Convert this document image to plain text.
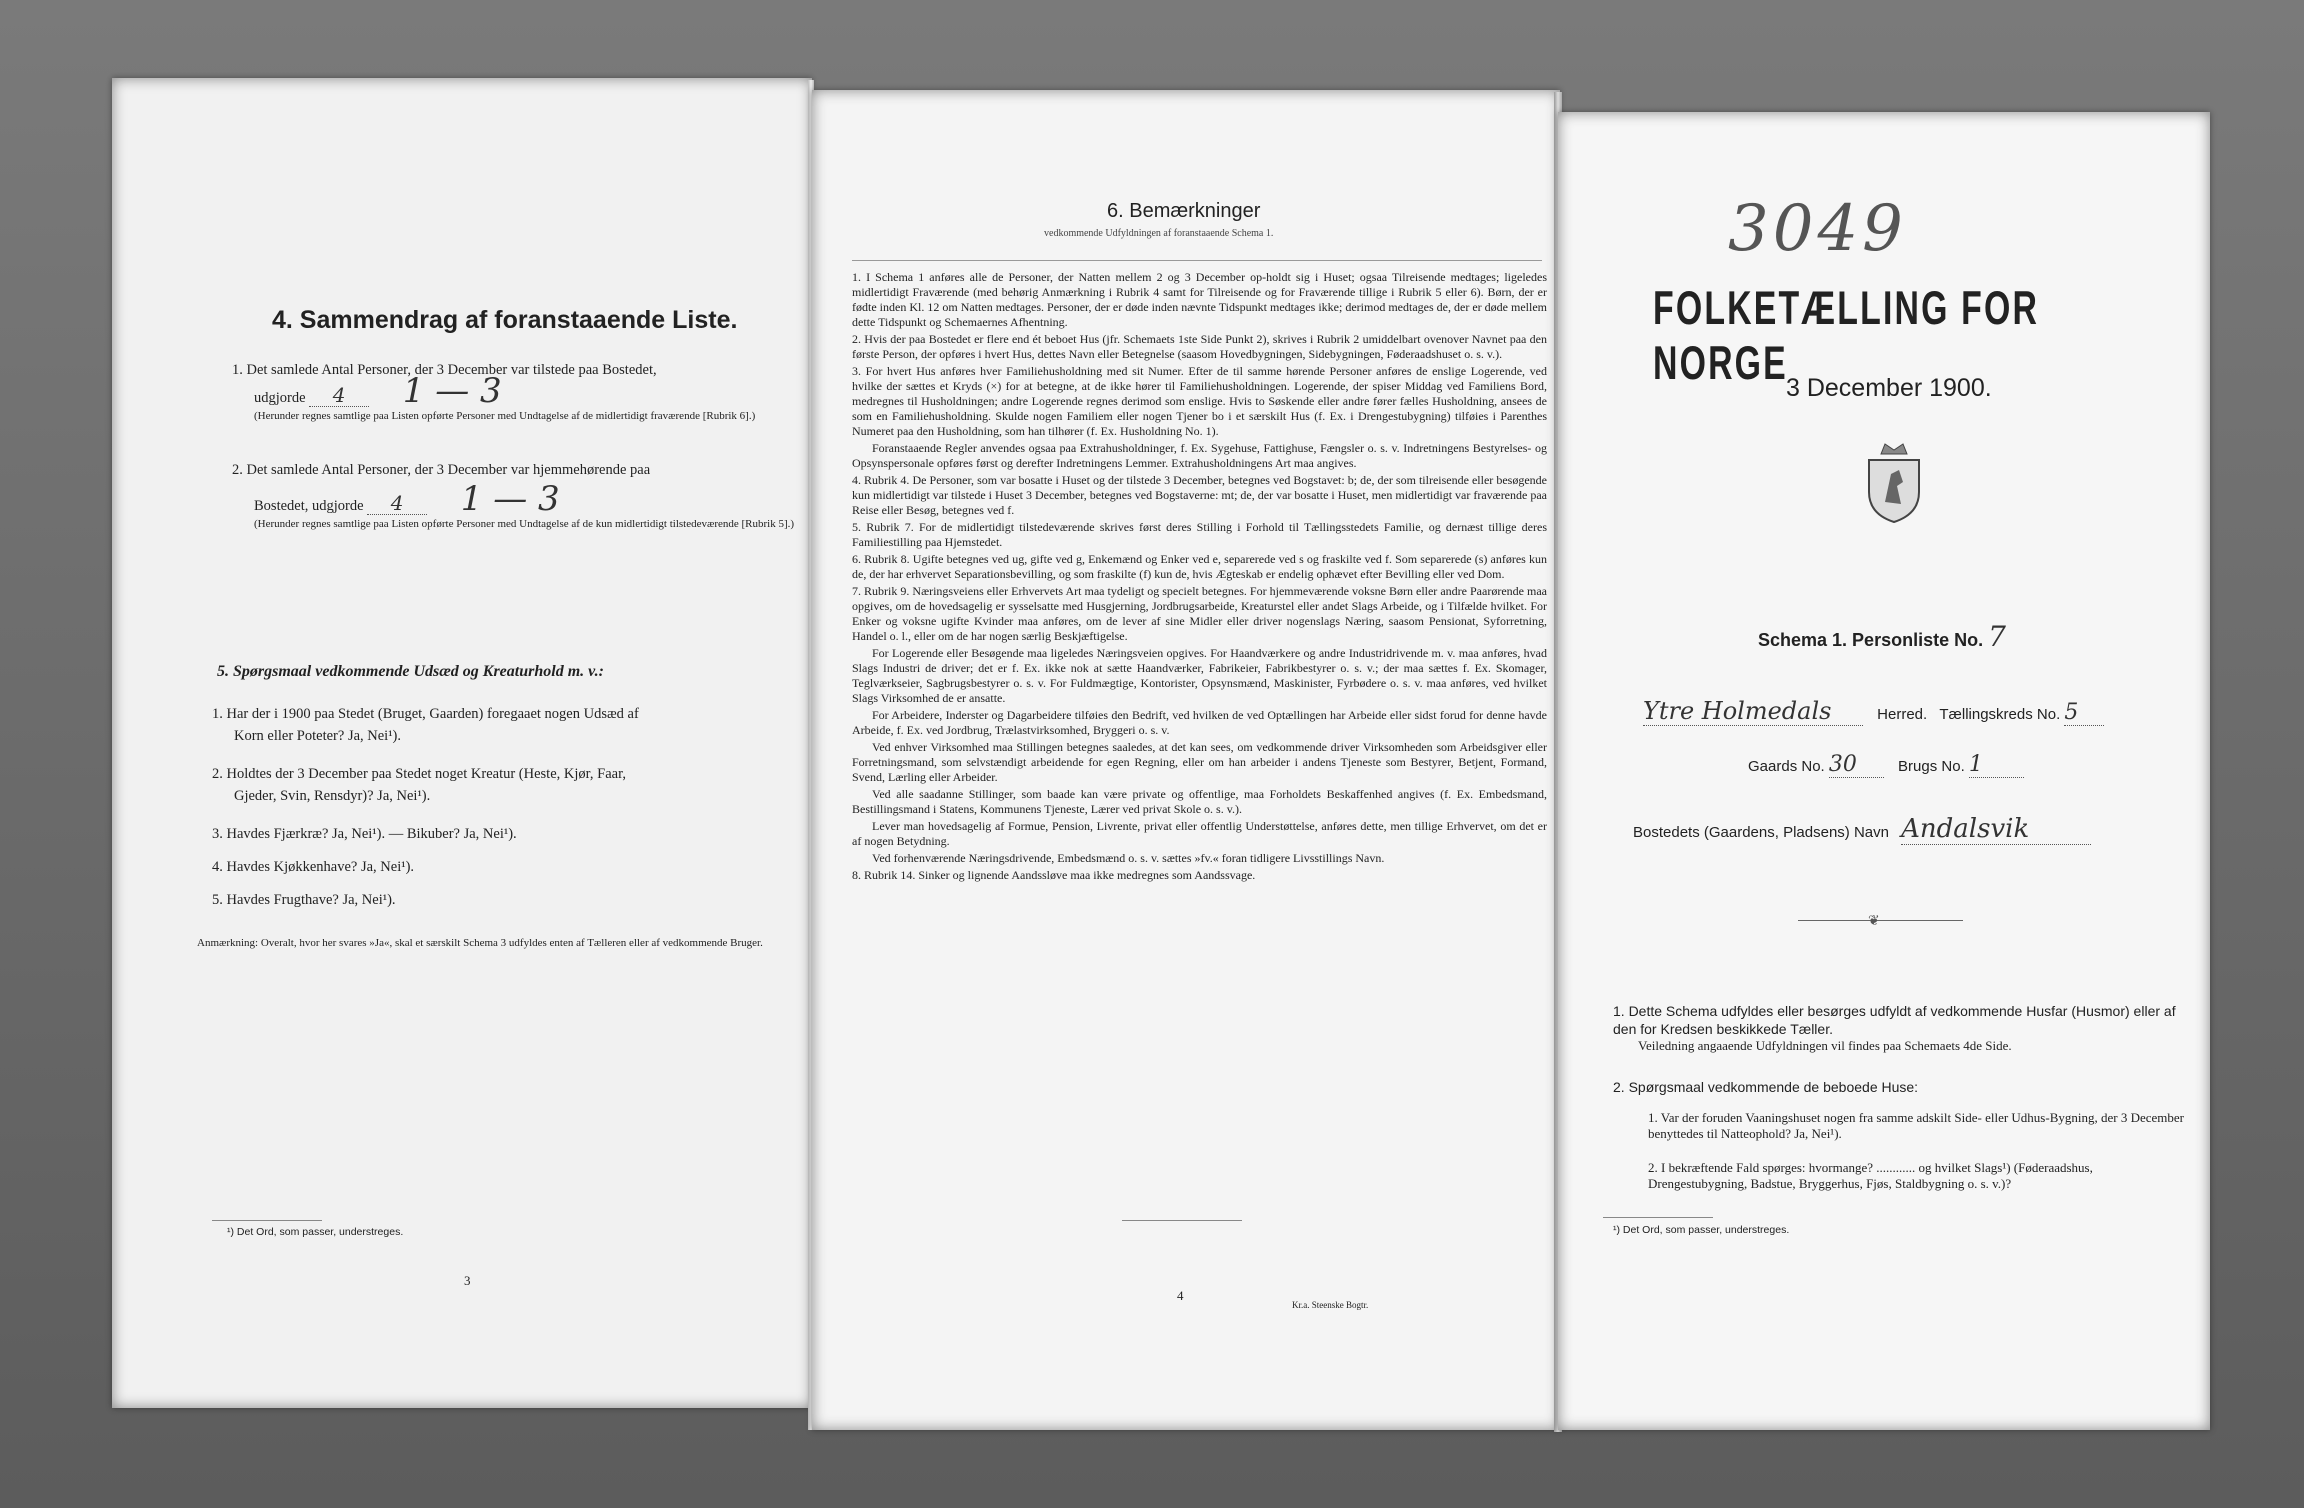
4. Sammendrag af foranstaaende Liste.
1. Det samlede Antal Personer, der 3 December var tilstede paa Bostedet,
udgjorde 4 1 — 3
(Herunder regnes samtlige paa Listen opførte Personer med Undtagelse af de midlertidigt fraværende [Rubrik 6].)
2. Det samlede Antal Personer, der 3 December var hjemmehørende paa
Bostedet, udgjorde 4 1 — 3
(Herunder regnes samtlige paa Listen opførte Personer med Undtagelse af de kun midlertidigt tilstedeværende [Rubrik 5].)
5. Spørgsmaal vedkommende Udsæd og Kreaturhold m. v.:
1. Har der i 1900 paa Stedet (Bruget, Gaarden) foregaaet nogen Udsæd af
Korn eller Poteter? Ja, Nei¹).
2. Holdtes der 3 December paa Stedet noget Kreatur (Heste, Kjør, Faar,
Gjeder, Svin, Rensdyr)? Ja, Nei¹).
3. Havdes Fjærkræ? Ja, Nei¹). — Bikuber? Ja, Nei¹).
4. Havdes Kjøkkenhave? Ja, Nei¹).
5. Havdes Frugthave? Ja, Nei¹).
Anmærkning: Overalt, hvor her svares »Ja«, skal et særskilt Schema 3 udfyldes enten af Tælleren eller af vedkommende Bruger.
¹) Det Ord, som passer, understreges.
3
6. Bemærkninger
vedkommende Udfyldningen af foranstaaende Schema 1.
1. I Schema 1 anføres alle de Personer, der Natten mellem 2 og 3 December op-holdt sig i Huset; ogsaa Tilreisende medtages; ligeledes midlertidigt Fraværende (med behørig Anmærkning i Rubrik 4 samt for Tilreisende og for Fraværende tillige i Rubrik 5 eller 6). Børn, der er fødte inden Kl. 12 om Natten medtages. Personer, der er døde inden nævnte Tidspunkt medtages ikke; derimod medtages de, der er døde mellem dette Tidspunkt og Schemaernes Afhentning.
2. Hvis der paa Bostedet er flere end ét beboet Hus (jfr. Schemaets 1ste Side Punkt 2), skrives i Rubrik 2 umiddelbart ovenover Navnet paa den første Person, der opføres i hvert Hus, dettes Navn eller Betegnelse (saasom Hovedbygningen, Sidebygningen, Føderaadshuset o. s. v.).
3. For hvert Hus anføres hver Familiehusholdning med sit Numer. Efter de til samme hørende Personer anføres de enslige Logerende, ved hvilke der sættes et Kryds (×) for at betegne, at de ikke hører til Familiehusholdningen. Logerende, der spiser Middag ved Familiens Bord, medregnes til Husholdningen; andre Logerende regnes derimod som enslige. Hvis to Søskende eller andre fører fælles Husholdning, ansees de som en Familiehusholdning. Skulde nogen Familiem eller nogen Tjener bo i et særskilt Hus (f. Ex. i Drengestubygning) tilføies i Parenthes Numeret paa den Husholdning, som han tilhører (f. Ex. Husholdning No. 1).
Foranstaaende Regler anvendes ogsaa paa Extrahusholdninger, f. Ex. Sygehuse, Fattighuse, Fængsler o. s. v. Indretningens Bestyrelses- og Opsynspersonale opføres først og derefter Indretningens Lemmer. Extrahusholdningens Art maa angives.
4. Rubrik 4. De Personer, som var bosatte i Huset og der tilstede 3 December, betegnes ved Bogstavet: b; de, der som tilreisende eller besøgende kun midlertidigt var tilstede i Huset 3 December, betegnes ved Bogstaverne: mt; de, der var bosatte i Huset, men midlertidigt var fraværende paa Reise eller Besøg, betegnes ved f.
5. Rubrik 7. For de midlertidigt tilstedeværende skrives først deres Stilling i Forhold til Tællingsstedets Familie, og dernæst tillige deres Familiestilling paa Hjemstedet.
6. Rubrik 8. Ugifte betegnes ved ug, gifte ved g, Enkemænd og Enker ved e, separerede ved s og fraskilte ved f. Som separerede (s) anføres kun de, der har erhvervet Separationsbevilling, og som fraskilte (f) kun de, hvis Ægteskab er endelig ophævet efter Bevilling eller ved Dom.
7. Rubrik 9. Næringsveiens eller Erhvervets Art maa tydeligt og specielt betegnes. For hjemmeværende voksne Børn eller andre Paarørende maa opgives, om de hovedsagelig er sysselsatte med Husgjerning, Jordbrugsarbeide, Kreaturstel eller andet Slags Arbeide, og i Tilfælde hvilket. For Enker og voksne ugifte Kvinder maa anføres, om de lever af sine Midler eller driver nogenslags Næring, saasom Pensionat, Syforretning, Handel o. l., eller om de har nogen særlig Beskjæftigelse.
For Logerende eller Besøgende maa ligeledes Næringsveien opgives. For Haandværkere og andre Industridrivende m. v. maa anføres, hvad Slags Industri de driver; det er f. Ex. ikke nok at sætte Haandværker, Fabrikeier, Fabrikbestyrer o. s. v.; der maa sættes f. Ex. Skomager, Teglværkseier, Sagbrugsbestyrer o. s. v. For Fuldmægtige, Kontorister, Opsynsmænd, Maskinister, Fyrbødere o. s. v. maa anføres, ved hvilket Slags Virksomhed de er ansatte.
For Arbeidere, Inderster og Dagarbeidere tilføies den Bedrift, ved hvilken de ved Optællingen har Arbeide eller sidst forud for denne havde Arbeide, f. Ex. ved Jordbrug, Trælastvirksomhed, Bryggeri o. s. v.
Ved enhver Virksomhed maa Stillingen betegnes saaledes, at det kan sees, om vedkommende driver Virksomheden som Arbeidsgiver eller Forretningsmand, som selvstændigt arbeidende for egen Regning, eller om han arbeider i andens Tjeneste som Bestyrer, Betjent, Formand, Svend, Lærling eller Arbeider.
Ved alle saadanne Stillinger, som baade kan være private og offentlige, maa Forholdets Beskaffenhed angives (f. Ex. Embedsmand, Bestillingsmand i Statens, Kommunens Tjeneste, Lærer ved privat Skole o. s. v.).
Lever man hovedsagelig af Formue, Pension, Livrente, privat eller offentlig Understøttelse, anføres dette, men tillige Erhvervet, om det er af nogen Betydning.
Ved forhenværende Næringsdrivende, Embedsmænd o. s. v. sættes »fv.« foran tidligere Livsstillings Navn.
8. Rubrik 14. Sinker og lignende Aandssløve maa ikke medregnes som Aandssvage.
4
Kr.a. Steenske Bogtr.
3049
FOLKETÆLLING FOR NORGE
3 December 1900.
Schema 1. Personliste No. 7
Ytre Holmedals	Herred. Tællingskreds No. 5
Gaards No. 30	Brugs No. 1
Bostedets (Gaardens, Pladsens) Navn Andalsvik
❦
1. Dette Schema udfyldes eller besørges udfyldt af vedkommende Husfar (Husmor) eller af den for Kredsen beskikkede Tæller.
Veiledning angaaende Udfyldningen vil findes paa Schemaets 4de Side.
2. Spørgsmaal vedkommende de beboede Huse:
1. Var der foruden Vaaningshuset nogen fra samme adskilt Side- eller Udhus-Bygning, der 3 December benyttedes til Natteophold? Ja, Nei¹).
2. I bekræftende Fald spørges: hvormange? ............ og hvilket Slags¹) (Føderaadshus, Drengestubygning, Badstue, Bryggerhus, Fjøs, Staldbygning o. s. v.)?
¹) Det Ord, som passer, understreges.
